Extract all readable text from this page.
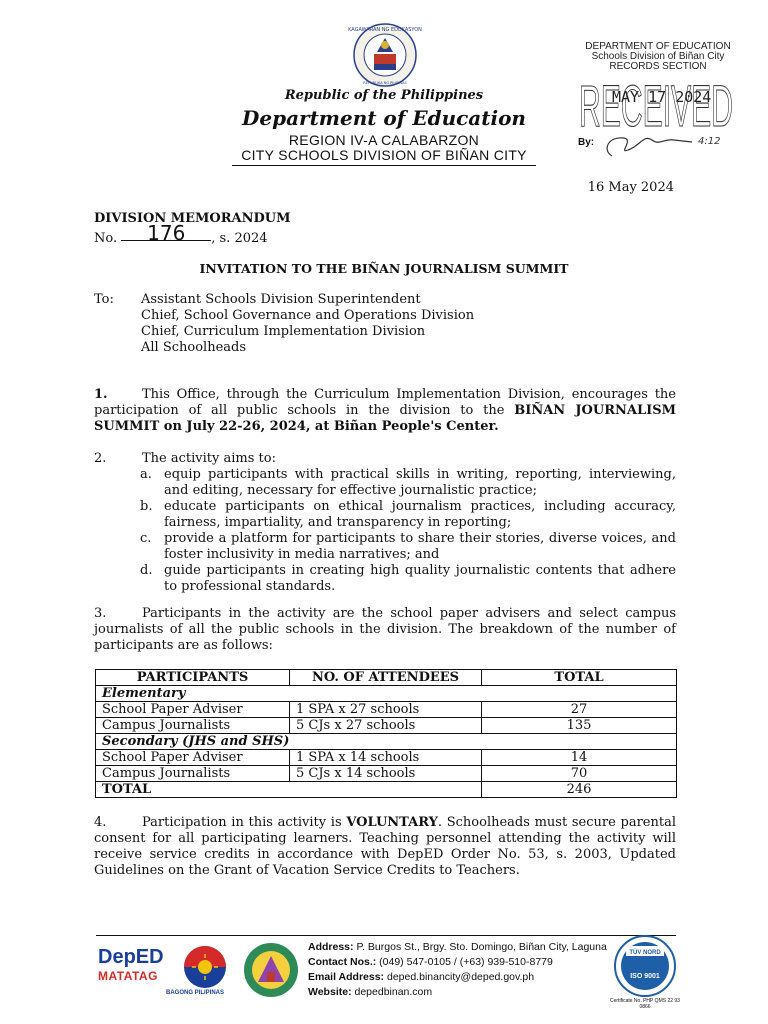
KAGAWARAN NG EDUKASYON
REPUBLIKA NG PILIPINAS
Republic of the Philippines
Department of Education
REGION IV-A CALABARZON
CITY SCHOOLS DIVISION OF BIÑAN CITY
DEPARTMENT OF EDUCATION
Schools Division of Biñan City
RECORDS SECTION
RECEIVED
MAY 17 2024
By:	4:12
16 May 2024
DIVISION MEMORANDUM
No. 176 , s. 2024
INVITATION TO THE BIÑAN JOURNALISM SUMMIT
To: Assistant Schools Division Superintendent
Chief, School Governance and Operations Division
Chief, Curriculum Implementation Division
All Schoolheads
1.	This Office, through the Curriculum Implementation Division, encourages the participation of all public schools in the division to the BIÑAN JOURNALISM SUMMIT on July 22-26, 2024, at Biñan People's Center.
2.	The activity aims to:
a. equip participants with practical skills in writing, reporting, interviewing, and editing, necessary for effective journalistic practice;
b. educate participants on ethical journalism practices, including accuracy, fairness, impartiality, and transparency in reporting;
c. provide a platform for participants to share their stories, diverse voices, and foster inclusivity in media narratives; and
d. guide participants in creating high quality journalistic contents that adhere to professional standards.
3.	Participants in the activity are the school paper advisers and select campus journalists of all the public schools in the division. The breakdown of the number of participants are as follows:
PARTICIPANTS	NO. OF ATTENDEES	TOTAL
Elementary		
School Paper Adviser	1 SPA x 27 schools	27
Campus Journalists	5 CJs x 27 schools	135
Secondary (JHS and SHS)		
School Paper Adviser	1 SPA x 14 schools	14
Campus Journalists	5 CJs x 14 schools	70
TOTAL		246
4.	Participation in this activity is VOLUNTARY. Schoolheads must secure parental consent for all participating learners. Teaching personnel attending the activity will receive service credits in accordance with DepED Order No. 53, s. 2003, Updated Guidelines on the Grant of Vacation Service Credits to Teachers.
DepED
MATATAG
BAGONG PILIPINAS
Address: P. Burgos St., Brgy. Sto. Domingo, Biñan City, Laguna
Contact Nos.: (049) 547-0105 / (+63) 939-510-8779
Email Address: deped.binancity@deped.gov.ph
Website: depedbinan.com
TÜV NORD
ISO 9001
Certificate No. PHP QMS 22 93 0866
